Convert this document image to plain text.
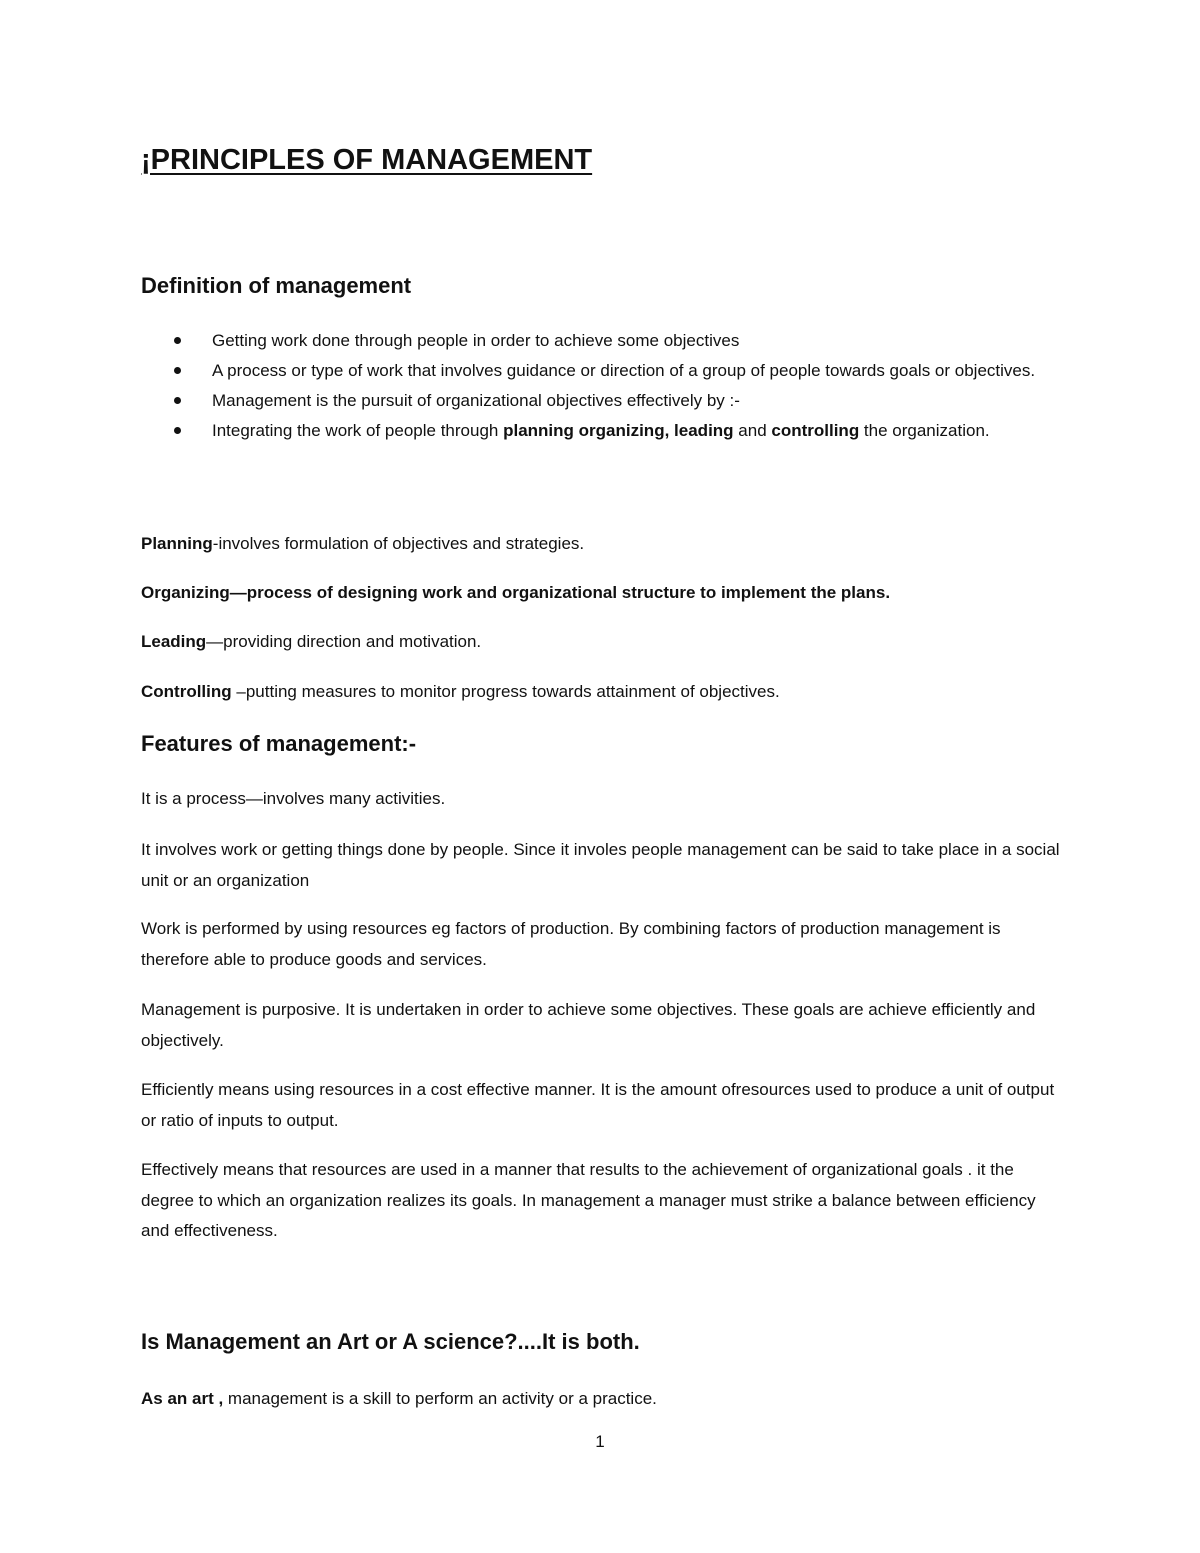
¡PRINCIPLES OF MANAGEMENT
Definition of management
Getting work done through people in order to achieve some objectives
A process or type of work that involves guidance or direction of a group of people towards goals or objectives.
Management is the pursuit of organizational objectives effectively by :-
Integrating the work of people through planning organizing, leading and controlling the organization.

Planning-involves formulation of objectives and strategies.

Organizing—process of designing work and organizational structure to implement the plans.

Leading—providing direction and motivation.

Controlling –putting measures to monitor progress towards attainment of objectives.

Features of management:-

It is a process—involves many activities.

It involves work or getting things done by people. Since it involes people management can be said to take place in a social unit or an organization

Work is performed by using resources eg factors of production. By combining factors of production management is therefore able to produce goods and services.

Management is purposive. It is undertaken in order to achieve some objectives. These goals are achieve efficiently and objectively.

Efficiently means using resources in a cost effective manner. It is the amount ofresources used to produce a unit of output or ratio of inputs to output.

Effectively means that resources are used in a manner that results to the achievement of organizational goals . it the degree to which an organization realizes its goals. In management a manager must strike a balance between efficiency and effectiveness.

Is Management an Art or A science?....It is both.

As an art , management is a skill to perform an activity or a practice.

1
